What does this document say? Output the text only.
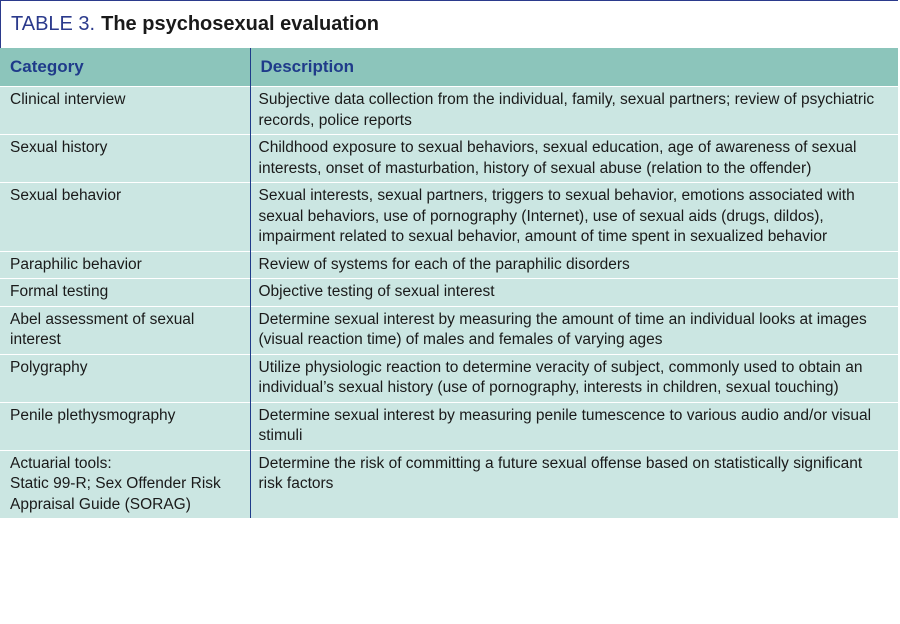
TABLE 3. The psychosexual evaluation
Category	Description

Clinical interview	Subjective data collection from the individual, family, sexual partners; review of psychiatric records, police reports

Sexual history	Childhood exposure to sexual behaviors, sexual education, age of awareness of sexual interests, onset of masturbation, history of sexual abuse (relation to the offender)

Sexual behavior	Sexual interests, sexual partners, triggers to sexual behavior, emotions associated with sexual behaviors, use of pornography (Internet), use of sexual aids (drugs, dildos), impairment related to sexual behavior, amount of time spent in sexualized behavior

Paraphilic behavior	Review of systems for each of the paraphilic disorders

Formal testing	Objective testing of sexual interest

Abel assessment of sexual interest	Determine sexual interest by measuring the amount of time an individual looks at images (visual reaction time) of males and females of varying ages

Polygraphy	Utilize physiologic reaction to determine veracity of subject, commonly used to obtain an individual’s sexual history (use of pornography, interests in children, sexual touching)

Penile plethysmography	Determine sexual interest by measuring penile tumescence to various audio and/or visual stimuli

Actuarial tools:
Static 99-R; Sex Offender Risk Appraisal Guide (SORAG)	Determine the risk of committing a future sexual offense based on statistically significant risk factors
